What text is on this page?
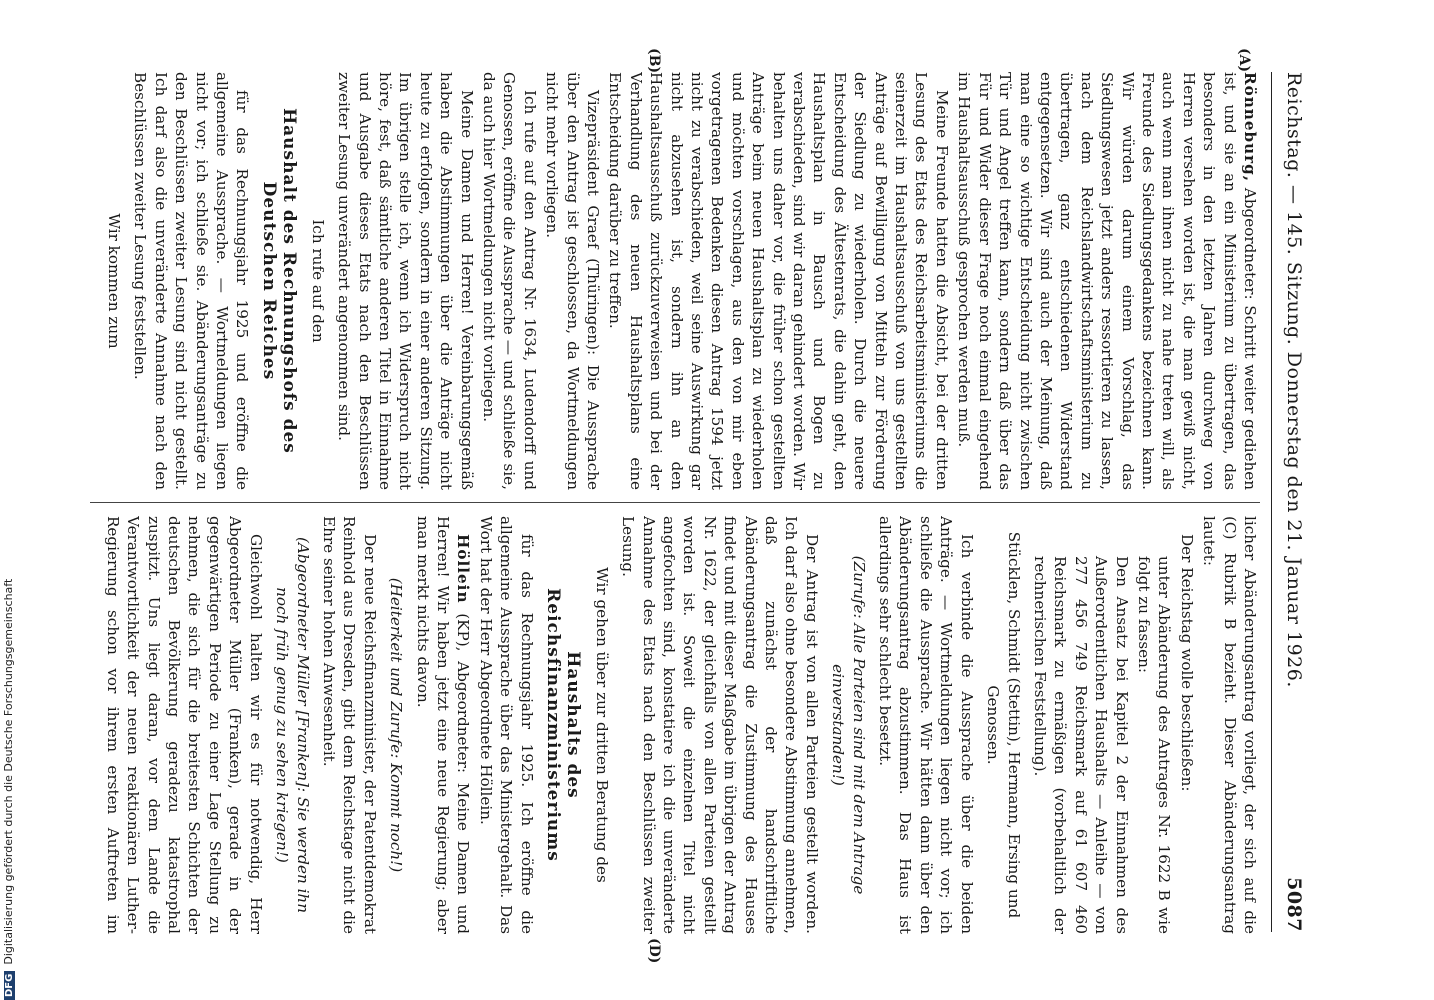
Reichstag. — 145. Sitzung. Donnerstag den 21. Januar 1926.
5087
(A)
(B)
(D)

Rönneburg, Abgeordneter: Schritt weiter gediehen ist, und sie an ein Ministerium zu übertragen, das besonders in den letzten Jahren durchweg von Herren versehen worden ist, die man gewiß nicht, auch wenn man ihnen nicht zu nahe treten will, als Freunde des Siedlungsgedankens bezeichnen kann. Wir würden darum einem Vorschlag, das Siedlungswesen jetzt anders ressortieren zu lassen, nach dem Reichslandwirtschaftsministerium zu übertragen, ganz entschiedenen Widerstand entgegensetzen. Wir sind auch der Meinung, daß man eine so wichtige Entscheidung nicht zwischen Tür und Angel treffen kann, sondern daß über das Für und Wider dieser Frage noch einmal eingehend im Haushaltsausschuß gesprochen werden muß.

Meine Freunde hatten die Absicht, bei der dritten Lesung des Etats des Reichsarbeitsministeriums die seinerzeit im Haushaltsausschuß von uns gestellten Anträge auf Bewilligung von Mitteln zur Förderung der Siedlung zu wiederholen. Durch die neuere Entscheidung des Ältestenrats, die dahin geht, den Haushaltsplan in Bausch und Bogen zu verabschieden, sind wir daran gehindert worden. Wir behalten uns daher vor, die früher schon gestellten Anträge beim neuen Haushaltsplan zu wiederholen und möchten vorschlagen, aus den von mir eben vorgetragenen Bedenken diesen Antrag 1594 jetzt nicht zu verabschieden, weil seine Auswirkung gar nicht abzusehen ist, sondern ihn an den Haushaltsausschuß zurückzuverweisen und bei der Verhandlung des neuen Haushaltsplans eine Entscheidung darüber zu treffen.

Vizepräsident Graef (Thüringen): Die Aussprache über den Antrag ist geschlossen, da Wortmeldungen nicht mehr vorliegen.

Ich rufe auf den Antrag Nr. 1634, Ludendorff und Genossen, eröffne die Aussprache — und schließe sie, da auch hier Wortmeldungen nicht vorliegen.

Meine Damen und Herren! Vereinbarungsgemäß haben die Abstimmungen über die Anträge nicht heute zu erfolgen, sondern in einer anderen Sitzung. Im übrigen stelle ich, wenn ich Widerspruch nicht höre, fest, daß sämtliche anderen Titel in Einnahme und Ausgabe dieses Etats nach den Beschlüssen zweiter Lesung unverändert angenommen sind.

Ich rufe auf den

Haushalt des Rechnungshofs des Deutschen Reiches

für das Rechnungsjahr 1925 und eröffne die allgemeine Aussprache. — Wortmeldungen liegen nicht vor; ich schließe sie. Abänderungsanträge zu den Beschlüssen zweiter Lesung sind nicht gestellt. Ich darf also die unveränderte Annahme nach den Beschlüssen zweiter Lesung feststellen.

Wir kommen zum

licher Abänderungsantrag vorliegt, der sich auf die (C) Rubrik B bezieht. Dieser Abänderungsantrag lautet:

Der Reichstag wolle beschließen:

unter Abänderung des Antrages Nr. 1622 B wie folgt zu fassen:

Den Ansatz bei Kapitel 2 der Einnahmen des Außerordentlichen Haushalts — Anleihe — von 277 456 749 Reichsmark auf 61 607 460 Reichsmark zu ermäßigen (vorbehaltlich der rechnerischen Feststellung).

Stücklen, Schmidt (Stettin), Hermann, Ersing und Genossen.

Ich verbinde die Aussprache über die beiden Anträge. — Wortmeldungen liegen nicht vor; ich schließe die Aussprache. Wir hätten dann über den Abänderungsantrag abzustimmen. Das Haus ist allerdings sehr schlecht besetzt.

(Zurufe: Alle Parteien sind mit dem Antrage einverstanden!)

Der Antrag ist von allen Parteien gestellt worden. Ich darf also ohne besondere Abstimmung annehmen, daß zunächst der handschriftliche Abänderungsantrag die Zustimmung des Hauses findet und mit dieser Maßgabe im übrigen der Antrag Nr. 1622, der gleichfalls von allen Parteien gestellt worden ist. Soweit die einzelnen Titel nicht angefochten sind, konstatiere ich die unveränderte Annahme des Etats nach den Beschlüssen zweiter Lesung.

Wir gehen über zur dritten Beratung des

Haushalts des Reichsfinanzministeriums

für das Rechnungsjahr 1925. Ich eröffne die allgemeine Aussprache über das Ministergehalt. Das Wort hat der Herr Abgeordnete Höllein.

Höllein (KP), Abgeordneter: Meine Damen und Herren! Wir haben jetzt eine neue Regierung; aber man merkt nichts davon.

(Heiterkeit und Zurufe: Kommt noch!)

Der neue Reichsfinanzminister, der Patentdemokrat Reinhold aus Dresden, gibt dem Reichstage nicht die Ehre seiner hohen Anwesenheit.

(Abgeordneter Müller [Franken]: Sie werden ihn noch früh genug zu sehen kriegen!)

Gleichwohl halten wir es für notwendig, Herr Abgeordneter Müller (Franken), gerade in der gegenwärtigen Periode zu einer Lage Stellung zu nehmen, die sich für die breitesten Schichten der deutschen Bevölkerung geradezu katastrophal zuspitzt. Uns liegt daran, vor dem Lande die Verantwortlichkeit der neuen reaktionären Luther-Regierung schon vor ihrem ersten Auftreten im

DFGDigitalisierung gefördert durch die Deutsche Forschungsgemeinschaft
